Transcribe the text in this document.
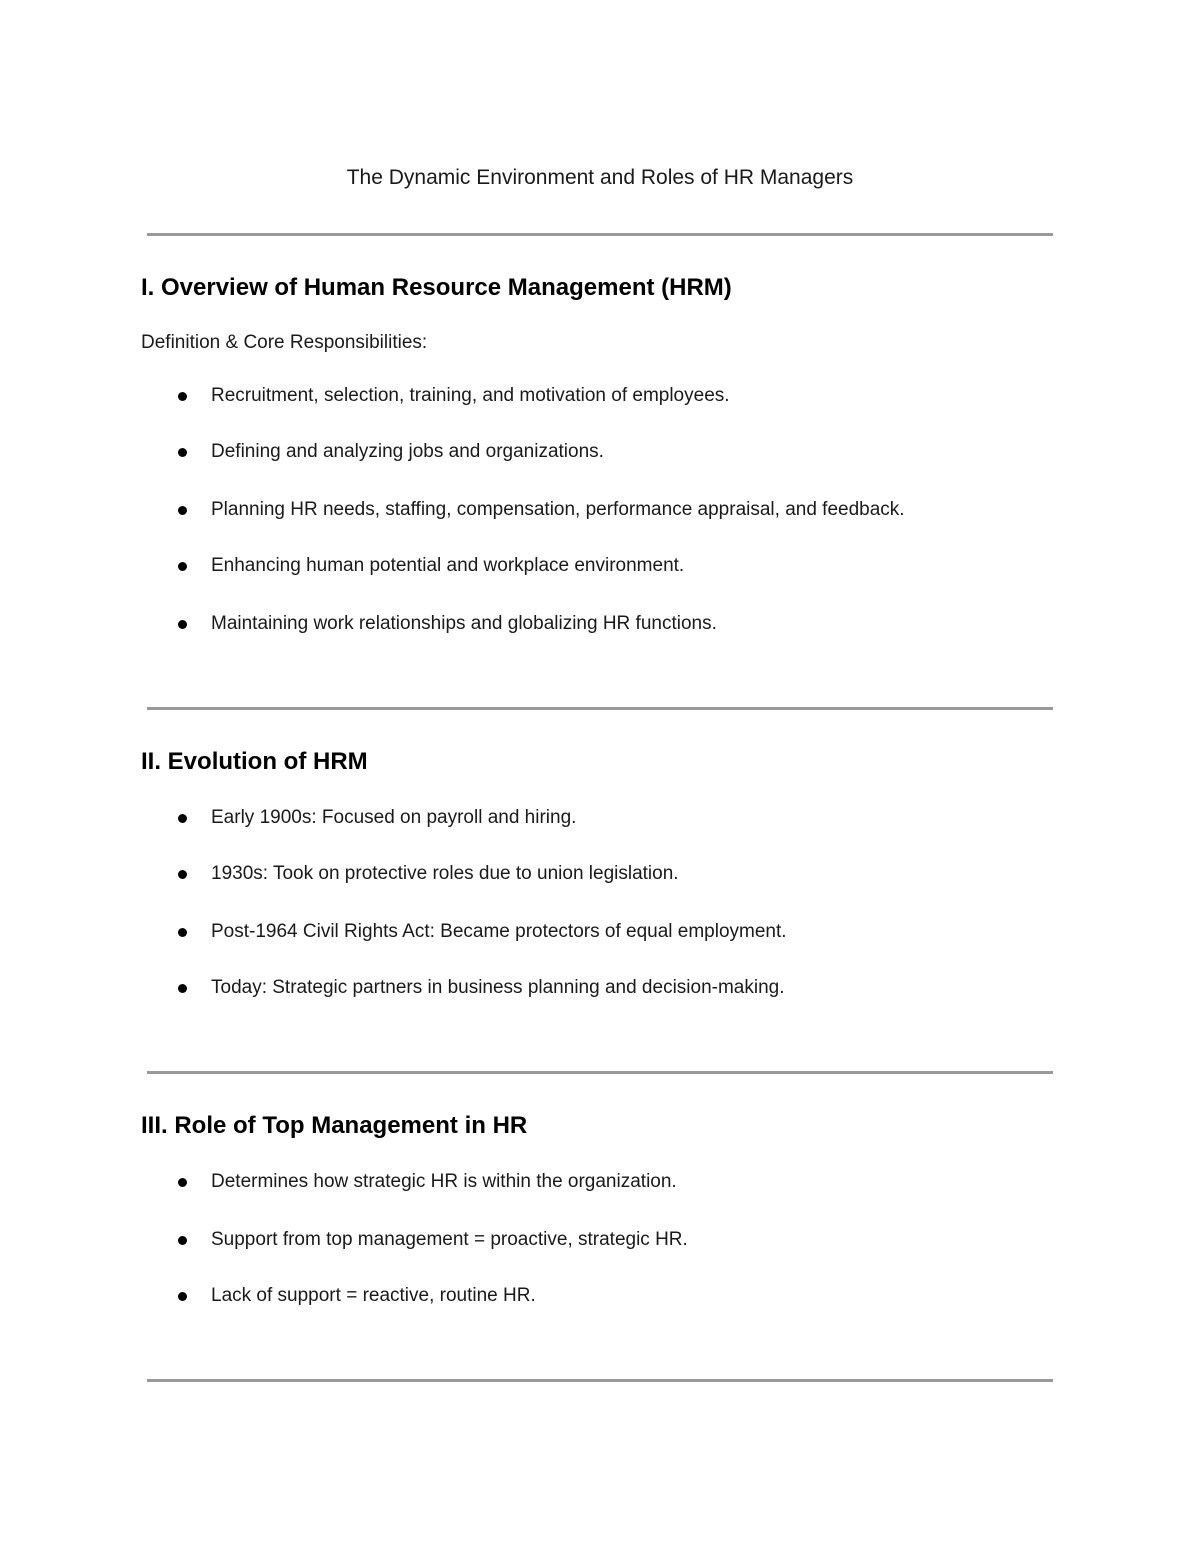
The Dynamic Environment and Roles of HR Managers
I. Overview of Human Resource Management (HRM)
Definition & Core Responsibilities:
Recruitment, selection, training, and motivation of employees.
Defining and analyzing jobs and organizations.
Planning HR needs, staffing, compensation, performance appraisal, and feedback.
Enhancing human potential and workplace environment.
Maintaining work relationships and globalizing HR functions.
II. Evolution of HRM
Early 1900s: Focused on payroll and hiring.
1930s: Took on protective roles due to union legislation.
Post-1964 Civil Rights Act: Became protectors of equal employment.
Today: Strategic partners in business planning and decision-making.
III. Role of Top Management in HR
Determines how strategic HR is within the organization.
Support from top management = proactive, strategic HR.
Lack of support = reactive, routine HR.
